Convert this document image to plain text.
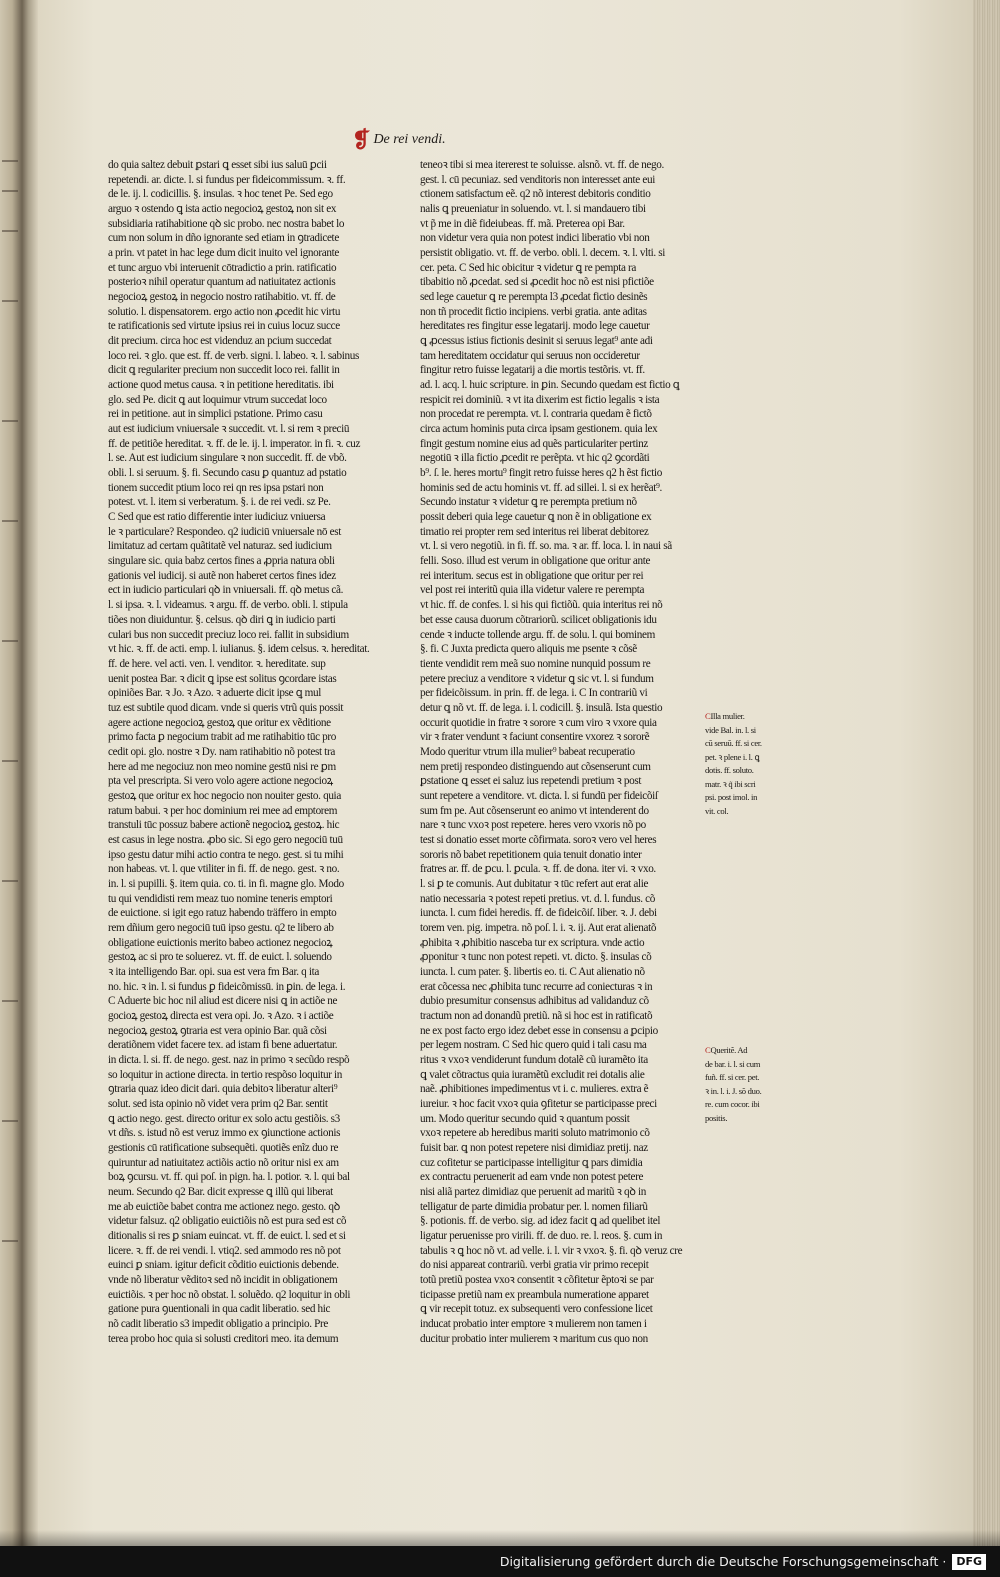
❡ De rei vendi.
do quia saltez debuit ꝑstari ꝗ esset sibi ius saluū ꝑcii
repetendi. ar. dicte. l. si fundus per fideicommissum. ꝛ. ff.
de le. ij. l. codicillis. §. insulas. ꝛ hoc tenet Pe. Sed ego
arguo ꝛ ostendo ꝗ ista actio negocioꝝ gestoꝝ non sit ex
subsidiaria ratihabitione qꝺ sic probo. nec nostra babet lo
cum non solum in dño ignorante sed etiam in ꝯtradicete
a prin. vt patet in hac lege dum dicit inuito vel ignorante
et tunc arguo vbi interuenit cōtradictio a prin. ratificatio
posterioꝛ nihil operatur quantum ad natiuitatez actionis
negocioꝝ gestoꝝ in negocio nostro ratihabitio. vt. ff. de
solutio. l. dispensatorem. ergo actio non ꝓcedit hic virtu
te ratificationis sed virtute ipsius rei in cuius locuz succe
dit precium. circa hoc est videnduz an pcium succedat
loco rei. ꝛ glo. que est. ff. de verb. signi. l. labeo. ꝛ. l. sabinus
dicit ꝗ regulariter precium non succedit loco rei. fallit in
actione quod metus causa. ꝛ in petitione hereditatis. ibi
glo. sed Pe. dicit ꝗ aut loquimur vtrum succedat loco
rei in petitione. aut in simplici pstatione. Primo casu
aut est iudicium vniuersale ꝛ succedit. vt. l. si rem ꝛ preciū
ff. de petitiõe hereditat. ꝛ. ff. de le. ij. l. imperator. in fi. ꝛ. cuz
l. se. Aut est iudicium singulare ꝛ non succedit. ff. de vbõ.
obli. l. si seruum. §. fi. Secundo casu ꝑ quantuz ad pstatio
tionem succedit ptium loco rei qn res ipsa pstari non
potest. vt. l. item si verberatum. §. i. de rei vedi. sz Pe.
C Sed que est ratio differentie inter iudiciuz vniuersa
le ꝛ particulare? Respondeo. q2 iudiciū vniuersale nō est
limitatuz ad certam quãtitatẽ vel naturaz. sed iudicium
singulare sic. quia babz certos fines a ꝓpria natura obli
gationis vel iudicij. si autẽ non haberet certos fines idez
ect in iudicio particulari qꝺ in vniuersali. ff. qꝺ metus cã.
l. si ipsa. ꝛ. l. videamus. ꝛ argu. ff. de verbo. obli. l. stipula
tiões non diuiduntur. §. celsus. qꝺ diri ꝗ in iudicio parti
culari bus non succedit preciuz loco rei. fallit in subsidium
vt hic. ꝛ. ff. de acti. emp. l. iulianus. §. idem celsus. ꝛ. hereditat.
ff. de here. vel acti. ven. l. venditor. ꝛ. hereditate. sup
uenit postea Bar. ꝛ dicit ꝗ ipse est solitus ꝯcordare istas
opiniões Bar. ꝛ Jo. ꝛ Azo. ꝛ aduerte dicit ipse ꝗ mul
tuz est subtile quod dicam. vnde si queris vtrũ quis possit
agere actione negocioꝝ gestoꝝ que oritur ex vẽditione
primo facta ꝑ negocium trabit ad me ratihabitio tūc pro
cedit opi. glo. nostre ꝛ Dy. nam ratihabitio nõ potest tra
here ad me negociuz non meo nomine gestū nisi re ꝑm
pta vel prescripta. Si vero volo agere actione negocioꝝ
gestoꝝ que oritur ex hoc negocio non nouiter gesto. quia
ratum babui. ꝛ per hoc dominium rei mee ad emptorem
transtuli tūc possuz babere actionẽ negocioꝝ gestoꝝ. hic
est casus in lege nostra. ꝓbo sic. Si ego gero negociū tuū
ipso gestu datur mihi actio contra te nego. gest. si tu mihi
non habeas. vt. l. que vtiliter in fi. ff. de nego. gest. ꝛ no.
in. l. si pupilli. §. item quia. co. ti. in fi. magne glo. Modo
tu qui vendidisti rem meaz tuo nomine teneris emptori
de euictione. si igit ego ratuz habendo träffero in empto
rem dñium gero negociū tuū ipso gestu. q2 te libero ab
obligatione euictionis merito babeo actionez negocioꝝ
gestoꝝ ac si pro te soluerez. vt. ff. de euict. l. soluendo
ꝛ ita intelligendo Bar. opi. sua est vera fm Bar. q ita
no. hic. ꝛ in. l. si fundus ꝑ fideicõmissū. in ꝑin. de lega. i.
C Aduerte bic hoc nil aliud est dicere nisi ꝗ in actiõe ne
gocioꝝ gestoꝝ directa est vera opi. Jo. ꝛ Azo. ꝛ i actiõe
negocioꝝ gestoꝝ ꝯtraria est vera opinio Bar. quã cõsi
deratiõnem videt facere tex. ad istam fi bene aduertatur.
in dicta. l. si. ff. de nego. gest. naz in primo ꝛ secũdo respõ
so loquitur in actione directa. in tertio respõso loquitur in
ꝯtraria quaz ideo dicit dari. quia debitoꝛ liberatur alteri⁹
solut. sed ista opinio nõ videt vera prim q2 Bar. sentit
ꝗ actio nego. gest. directo oritur ex solo actu gestiõis. s3
vt dñs. s. istud nõ est veruz immo ex ꝯiunctione actionis
gestionis cū ratificatione subsequẽti. quotiẽs enĩz duo re
quiruntur ad natiuitatez actiõis actio nõ oritur nisi ex am
boꝝ ꝯcursu. vt. ff. qui poſ. in pign. ha. l. potior. ꝛ. l. qui bal
neum. Secundo q2 Bar. dicit expresse ꝗ illũ qui liberat
me ab euictiõe babet contra me actionez nego. gesto. qꝺ
videtur falsuz. q2 obligatio euictiõis nõ est pura sed est cõ
ditionalis si res ꝑ sniam euincat. vt. ff. de euict. l. sed et si
licere. ꝛ. ff. de rei vendi. l. vtiq2. sed ammodo res nõ pot
euinci ꝑ sniam. igitur deficit cõditio euictionis debende.
vnde nõ liberatur vẽditoꝛ sed nõ incidit in obligationem
euictiõis. ꝛ per hoc nõ obstat. l. soluẽdo. q2 loquitur in obli
gatione pura ꝯuentionali in qua cadit liberatio. sed hic
nõ cadit liberatio s3 impedit obligatio a principio. Pre
terea probo hoc quia si solusti creditori meo. ita demum
teneoꝛ tibi si mea itererest te soluisse. alsnõ. vt. ff. de nego.
gest. l. cū pecuniaz. sed venditoris non interesset ante eui
ctionem satisfactum eẽ. q2 nõ interest debitoris conditio
nalis ꝗ preueniatur in soluendo. vt. l. si mandauero tibi
vt p̃ me in diẽ fideiubeas. ff. mã. Preterea opi Bar.
non videtur vera quia non potest indici liberatio vbi non
persistit obligatio. vt. ff. de verbo. obli. l. decem. ꝛ. l. vlti. si
cer. peta. C Sed hic obicitur ꝛ videtur ꝗ re pempta ra
tibabitio nõ ꝓcedat. sed si ꝓcedit hoc nõ est nisi pfictiõe
sed lege cauetur ꝗ re perempta l3 ꝓcedat fictio desinẽs
non tñ procedit fictio incipiens. verbi gratia. ante aditas
hereditates res fingitur esse legatarij. modo lege cauetur
ꝗ ꝓcessus istius fictionis desinit si seruus legat⁹ ante adi
tam hereditatem occidatur qui seruus non occideretur
fingitur retro fuisse legatarij a die mortis testõris. vt. ff.
ad. l. acq. l. huic scripture. in ꝑin. Secundo quedam est fictio ꝗ
respicit rei dominiũ. ꝛ vt ita dixerim est fictio legalis ꝛ ista
non procedat re perempta. vt. l. contraria quedam ẽ fictõ
circa actum hominis puta circa ipsam gestionem. quia lex
fingit gestum nomine eius ad quẽs particulariter pertinz
negotiū ꝛ illa fictio ꝓcedit re perẽpta. vt hic q2 ꝯcordãti
b⁹. ſ. le. heres mortu⁹ fingit retro fuisse heres q2 h ẽst fictio
hominis sed de actu hominis vt. ff. ad sillei. l. si ex herẽat⁹.
Secundo instatur ꝛ videtur ꝗ re perempta pretium nõ
possit deberi quia lege cauetur ꝗ non ẽ in obligatione ex
timatio rei propter rem sed interitus rei liberat debitorez
vt. l. si vero negotiũ. in fi. ff. so. ma. ꝛ ar. ff. loca. l. in naui sã
felli. Soso. illud est verum in obligatione que oritur ante
rei interitum. secus est in obligatione que oritur per rei
vel post rei interitũ quia illa videtur valere re perempta
vt hic. ff. de confes. l. si his qui fictiõũ. quia interitus rei nõ
bet esse causa duorum cõtrariorũ. scilicet obligationis idu
cende ꝛ inducte tollende argu. ff. de solu. l. qui bominem
§. fi. C Juxta predicta quero aliquis me psente ꝛ cõsẽ
tiente vendidit rem meã suo nomine nunquid possum re
petere preciuz a venditore ꝛ videtur ꝗ sic vt. l. si fundum
per fideicõissum. in prin. ff. de lega. i. C In contrariũ vi
detur ꝗ nõ vt. ff. de lega. i. l. codicill. §. insulã. Ista questio
occurit quotidie in fratre ꝛ sorore ꝛ cum viro ꝛ vxore quia
vir ꝛ frater vendunt ꝛ faciunt consentire vxorez ꝛ sororẽ
Modo queritur vtrum illa mulier⁹ babeat recuperatio
nem pretij respondeo distinguendo aut cõsenserunt cum
ꝑstatione ꝗ esset ei saluz ius repetendi pretium ꝛ post
sunt repetere a venditore. vt. dicta. l. si fundū per fideicõiſ
sum fm pe. Aut cõsenserunt eo animo vt intenderent do
nare ꝛ tunc vxoꝛ post repetere. heres vero vxoris nõ po
test si donatio esset morte cõfirmata. soroꝛ vero vel heres
sororis nõ babet repetitionem quia tenuit donatio inter
fratres ar. ff. de ꝑcu. l. ꝑcula. ꝛ. ff. de dona. iter vi. ꝛ vxo.
l. si ꝑ te comunis. Aut dubitatur ꝛ tūc refert aut erat alie
natio necessaria ꝛ potest repeti pretius. vt. d. l. fundus. cõ
iuncta. l. cum fidei heredis. ff. de fideicõiſ. liber. ꝛ. J. debi
torem ven. pig. impetra. nõ poſ. l. i. ꝛ. ij. Aut erat alienatõ
ꝓhibita ꝛ ꝓhibitio nasceba tur ex scriptura. vnde actio
ꝓponitur ꝛ tunc non potest repeti. vt. dicto. §. insulas cõ
iuncta. l. cum pater. §. libertis eo. ti. C Aut alienatio nõ
erat cõcessa nec ꝓhibita tunc recurre ad coniecturas ꝛ in
dubio presumitur consensus adhibitus ad validanduz cõ
tractum non ad donandũ pretiũ. nã si hoc est in ratificatõ
ne ex post facto ergo idez debet esse in consensu a ꝑcipio
per legem nostram. C Sed hic quero quid i tali casu ma
ritus ꝛ vxoꝛ vendiderunt fundum dotalẽ cũ iuramẽto ita
ꝗ valet cõtractus quia iuramẽtũ excludit rei dotalis alie
naẽ. ꝓhibitiones impedimentus vt i. c. mulieres. extra ẽ
iureiur. ꝛ hoc facit vxoꝛ quia ꝯfitetur se participasse preci
um. Modo queritur secundo quid ꝛ quantum possit
vxoꝛ repetere ab heredibus mariti soluto matrimonio cõ
fuisit bar. ꝗ non potest repetere nisi dimidiaz pretij. naz
cuz cofitetur se participasse intelligitur ꝗ pars dimidia
ex contractu peruenerit ad eam vnde non potest petere
nisi aliã partez dimidiaz que peruenit ad maritũ ꝛ qꝺ in
telligatur de parte dimidia probatur per. l. nomen filiarũ
§. potionis. ff. de verbo. sig. ad idez facit ꝗ ad quelibet itel
ligatur peruenisse pro virili. ff. de duo. re. l. reos. §. cum in
tabulis ꝛ ꝗ hoc nõ vt. ad velle. i. l. vir ꝛ vxoꝛ. §. fi. qꝺ veruz cre
do nisi appareat contrariũ. verbi gratia vir primo recepit
totũ pretiũ postea vxoꝛ consentit ꝛ cõfitetur ẽptoꝛi se par
ticipasse pretiũ nam ex preambula numeratione apparet
ꝗ vir recepit totuz. ex subsequenti vero confessione licet
inducat probatio inter emptore ꝛ mulierem non tamen i
ducitur probatio inter mulierem ꝛ maritum cus quo non
CIlla mulier.
vide Bal. in. l. si
cū seruū. ff. si cer.
pet. ꝛ plene i. l. ꝗ
dotis. ff. soluto.
matr. ꝛ q̃ ibi scri
psi. post imol. in
vit. col.
CQueritẽ. Ad
de bar. i. l. si cum
fuñ. ff. si cer. pet.
ꝛ in. l. i. J. sõ duo.
re. cum cocor. ibi
positis.
Digitalisierung gefördert durch die Deutsche Forschungsgemeinschaft · DFG
